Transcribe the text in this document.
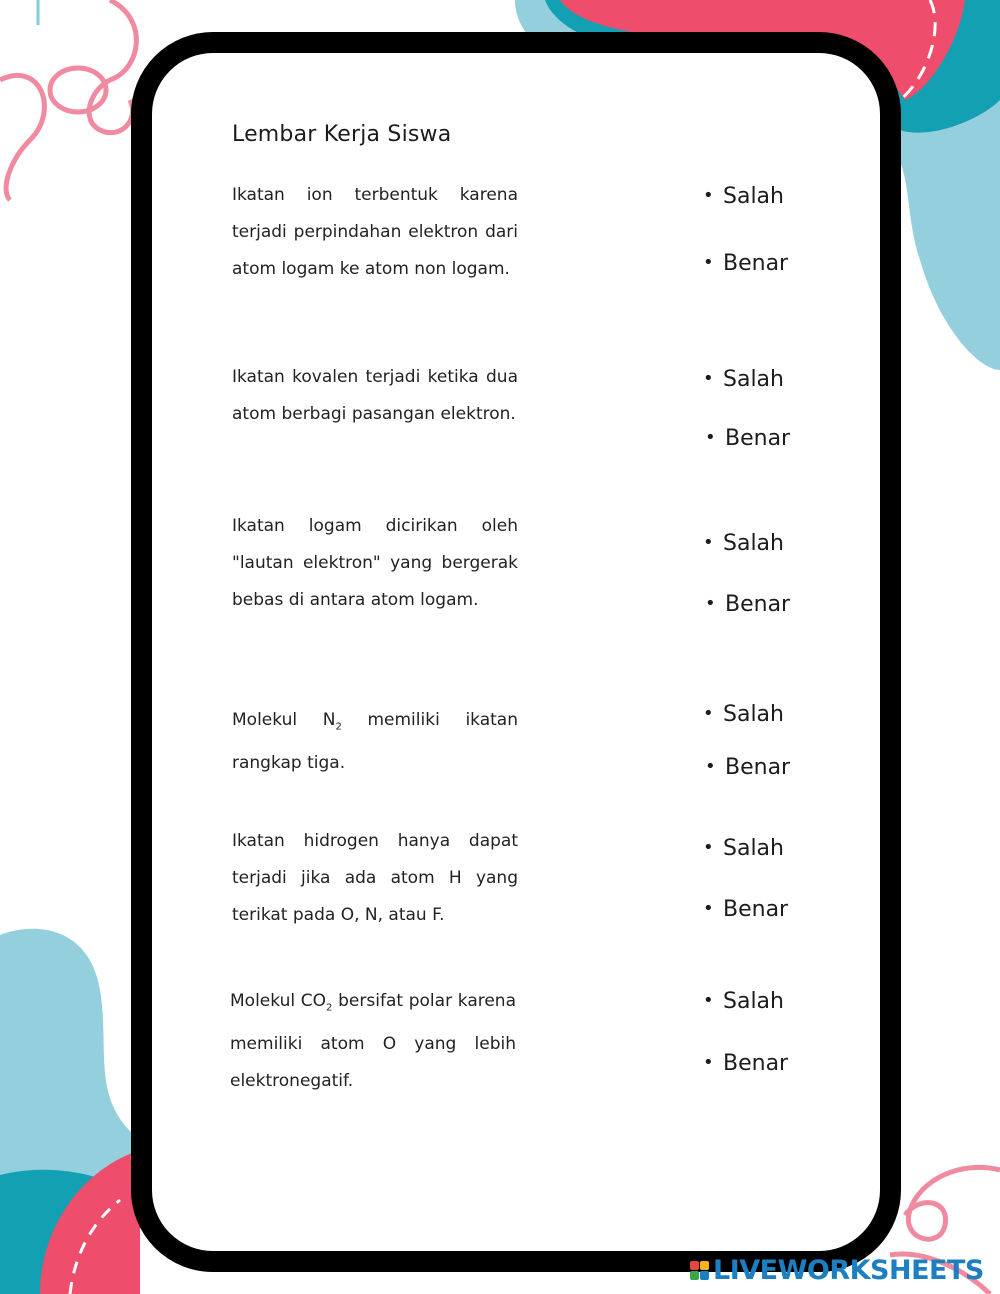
Lembar Kerja Siswa
Ikatan ion terbentuk karena terjadi perpindahan elektron dari atom logam ke atom non logam.
• Salah
• Benar
Ikatan kovalen terjadi ketika dua atom berbagi pasangan elektron.
• Salah
• Benar
Ikatan logam dicirikan oleh "lautan elektron" yang bergerak bebas di antara atom logam.
• Salah
• Benar
Molekul $N_2$ memiliki ikatan rangkap tiga.
• Salah
• Benar
Ikatan hidrogen hanya dapat terjadi jika ada atom H yang terikat pada O, N, atau F.
• Salah
• Benar
Molekul $CO_2$ bersifat polar karena memiliki atom O yang lebih elektronegatif.
• Salah
• Benar
LIVEWORKSHEETS
